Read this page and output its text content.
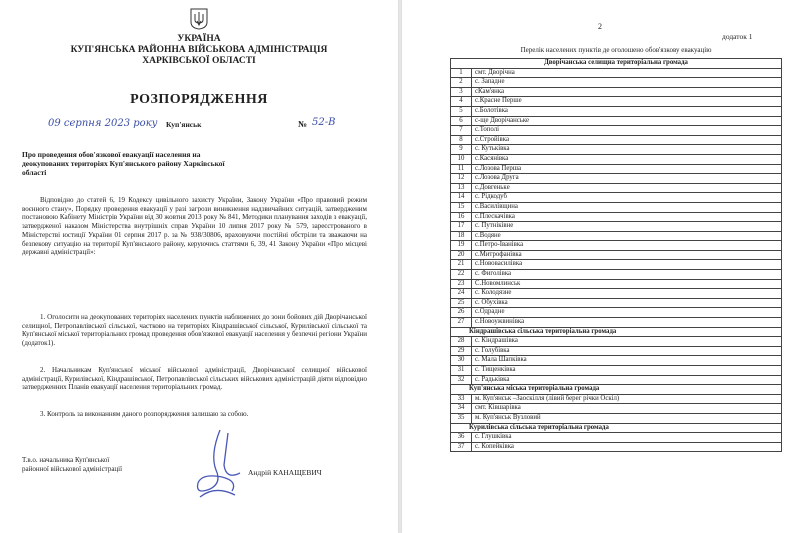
УКРАЇНА
КУП'ЯНСЬКА РАЙОННА ВІЙСЬКОВА АДМІНІСТРАЦІЯ
ХАРКІВСЬКОЇ ОБЛАСТІ
РОЗПОРЯДЖЕННЯ
09 серпня 2023 року Куп'янськ	№ 52-В
Про проведення обов'язкової евакуації населення на деокупованих територіях Куп'янського району Харківської області
Відповідно до статей 6, 19 Кодексу цивільного захисту України, Закону України «Про правовий режим воєнного стану», Порядку проведення евакуації у разі загрози виникнення надзвичайних ситуацій, затвердженим постановою Кабінету Міністрів України від 30 жовтня 2013 року № 841, Методики планування заходів з евакуації, затвердженої наказом Міністерства внутрішніх справ України 10 липня 2017 року № 579, зареєстрованого в Міністерстві юстиції України 01 серпня 2017 р. за № 938/30806, враховуючи постійні обстріли та зважаючи на безпекову ситуацію на території Куп'янського району, керуючись статтями 6, 39, 41 Закону України «Про місцеві державні адміністрації»:
1. Оголосити на деокупованих територіях населених пунктів наближених до зони бойових дій Дворічанської селищної, Петропавлівської сільської, частково на територіях Кіндрашівської сільської, Курилівської сільської та Куп'янської міської територіальних громад проведення обов'язкової евакуації населення у безпечні регіони України (додаток1).
2. Начальникам Куп'янської міської військової адміністрації, Дворічанської селищної військової адміністрації, Курилівської, Кіндрашівської, Петропавлівської сільських військових адміністрацій діяти відповідно затвердженних Планів евакуації населення територіальних громад.
3. Контроль за виконанням даного розпорядження залишаю за собою.
Т.в.о. начальника Куп'янської
районної військової адміністрації	Андрій КАНАЩЕВИЧ
2
додаток 1
Перелік населених пунктів де оголошено обов'язкову евакуацію
Дворічанська селищна територіальна громада	
1	смт. Дворічна
2	с. Западне
3	сКам'янка
4	с.Красне Перше
5	с.Болотівка
6	с-ще Дворічанське
7	с.Тополі
8	с.Стройівка
9	с. Кутьківка
10	с.Касянівка
11	с.Лозова Перша
12	с.Лозова Друга
13	с.Довгенькe
14	с. Рідкодуб
15	с.Василівщина
16	с.Плескачівка
17	с. Путніківне
18	с.Водяне
19	с.Петро-Іванівка
20	с.Митрофанівка
21	с.Нововасилівка
22	с. Фиголівка
23	С.Новомлинськ
24	с. Колодязне
25	с. Обухівка
26	с.Одрадне
27	с.Новоужвинівка
Кіндрашівська сільська територіальна громада	
28	с. Кіндрашівка
29	с. Голубівка
30	с. Мала Шапківка
31	с. Тищенківка
32	с. Радьківка
Куп'янська міська територіальна громада	
33	м. Куп'янськ –Заоскілля (лівий берег річки Оскіл)
34	смт. Ківшарівка
35	м. Куп'янськ Вузловий
Курилівська сільська територіальна громада	
36	с. Глушківка
37	с. Копейківка
